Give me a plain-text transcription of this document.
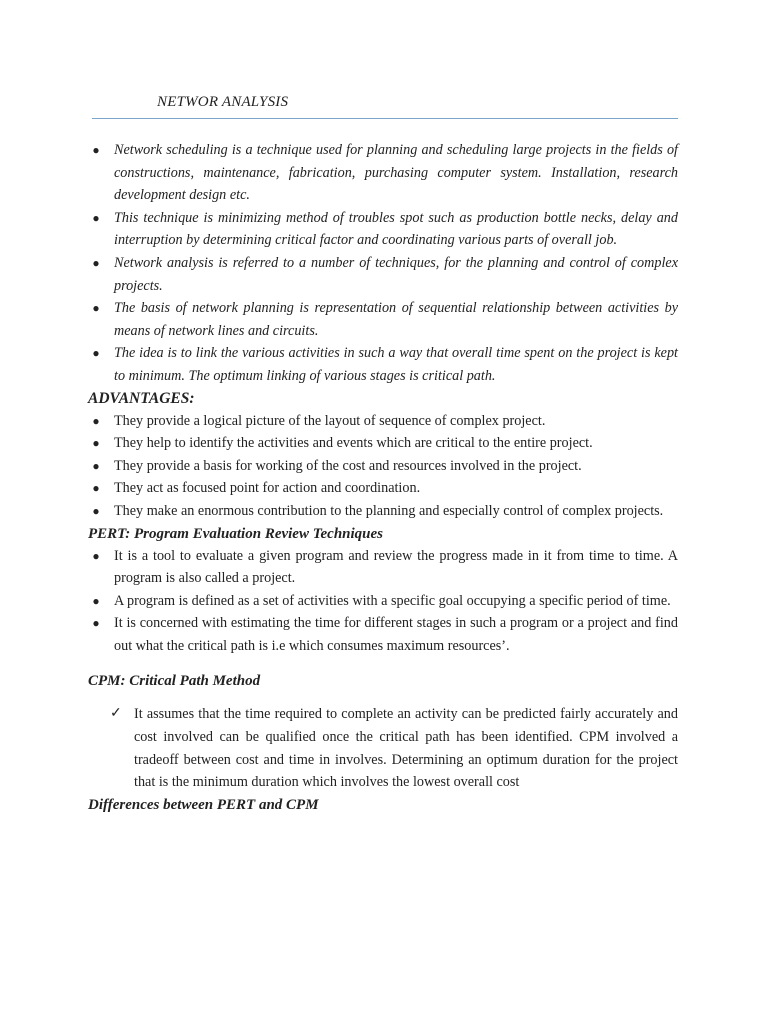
NETWOR ANALYSIS
● Network scheduling is a technique used for planning and scheduling large projects in the fields of constructions, maintenance, fabrication, purchasing computer system. Installation, research development design etc.
● This technique is minimizing method of troubles spot such as production bottle necks, delay and interruption by determining critical factor and coordinating various parts of overall job.
● Network analysis is referred to a number of techniques, for the planning and control of complex projects.
● The basis of network planning is representation of sequential relationship between activities by means of network lines and circuits.
● The idea is to link the various activities in such a way that overall time spent on the project is kept to minimum. The optimum linking of various stages is critical path.

ADVANTAGES:

● They provide a logical picture of the layout of sequence of complex project.
● They help to identify the activities and events which are critical to the entire project.
● They provide a basis for working of the cost and resources involved in the project.
● They act as focused point for action and coordination.
● They make an enormous contribution to the planning and especially control of complex projects.

PERT: Program Evaluation Review Techniques

● It is a tool to evaluate a given program and review the progress made in it from time to time. A program is also called a project.
● A program is defined as a set of activities with a specific goal occupying a specific period of time.
● It is concerned with estimating the time for different stages in such a program or a project and find out what the critical path is i.e which consumes maximum resources’.

CPM: Critical Path Method

✓ It assumes that the time required to complete an activity can be predicted fairly accurately and cost involved can be qualified once the critical path has been identified. CPM involved a tradeoff between cost and time in involves. Determining an optimum duration for the project that is the minimum duration which involves the lowest overall cost

Differences between PERT and CPM
